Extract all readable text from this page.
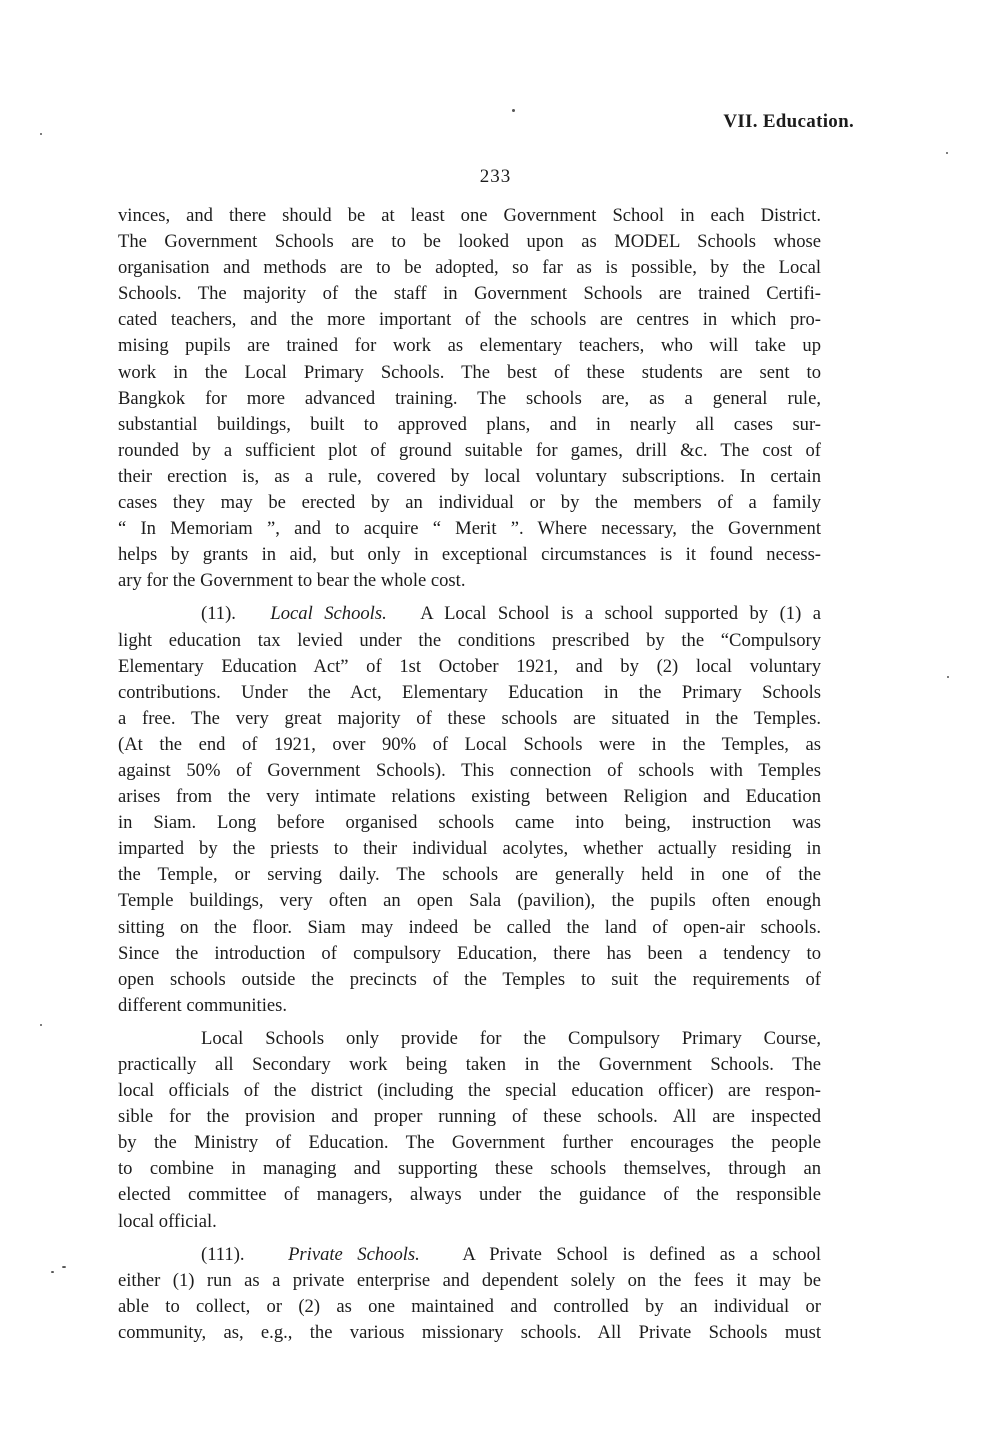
VII. Education.
233
vinces, and there should be at least one Government School in each District.
The Government Schools are to be looked upon as MODEL Schools whose
organisation and methods are to be adopted, so far as is possible, by the Local
Schools. The majority of the staff in Government Schools are trained Certifi-
cated teachers, and the more important of the schools are centres in which pro-
mising pupils are trained for work as elementary teachers, who will take up
work in the Local Primary Schools. The best of these students are sent to
Bangkok for more advanced training. The schools are, as a general rule,
substantial buildings, built to approved plans, and in nearly all cases sur-
rounded by a sufficient plot of ground suitable for games, drill &c. The cost of
their erection is, as a rule, covered by local voluntary subscriptions. In certain
cases they may be erected by an individual or by the members of a family
“ In Memoriam ”, and to acquire “ Merit ”. Where necessary, the Government
helps by grants in aid, but only in exceptional circumstances is it found necess-
ary for the Government to bear the whole cost.
(11). Local Schools. A Local School is a school supported by (1) a
light education tax levied under the conditions prescribed by the “Compulsory
Elementary Education Act” of 1st October 1921, and by (2) local voluntary
contributions. Under the Act, Elementary Education in the Primary Schools
a free. The very great majority of these schools are situated in the Temples.
(At the end of 1921, over 90% of Local Schools were in the Temples, as
against 50% of Government Schools). This connection of schools with Temples
arises from the very intimate relations existing between Religion and Education
in Siam. Long before organised schools came into being, instruction was
imparted by the priests to their individual acolytes, whether actually residing in
the Temple, or serving daily. The schools are generally held in one of the
Temple buildings, very often an open Sala (pavilion), the pupils often enough
sitting on the floor. Siam may indeed be called the land of open-air schools.
Since the introduction of compulsory Education, there has been a tendency to
open schools outside the precincts of the Temples to suit the requirements of
different communities.
Local Schools only provide for the Compulsory Primary Course,
practically all Secondary work being taken in the Government Schools. The
local officials of the district (including the special education officer) are respon-
sible for the provision and proper running of these schools. All are inspected
by the Ministry of Education. The Government further encourages the people
to combine in managing and supporting these schools themselves, through an
elected committee of managers, always under the guidance of the responsible
local official.
(111). Private Schools. A Private School is defined as a school
either (1) run as a private enterprise and dependent solely on the fees it may be
able to collect, or (2) as one maintained and controlled by an individual or
community, as, e.g., the various missionary schools. All Private Schools must
